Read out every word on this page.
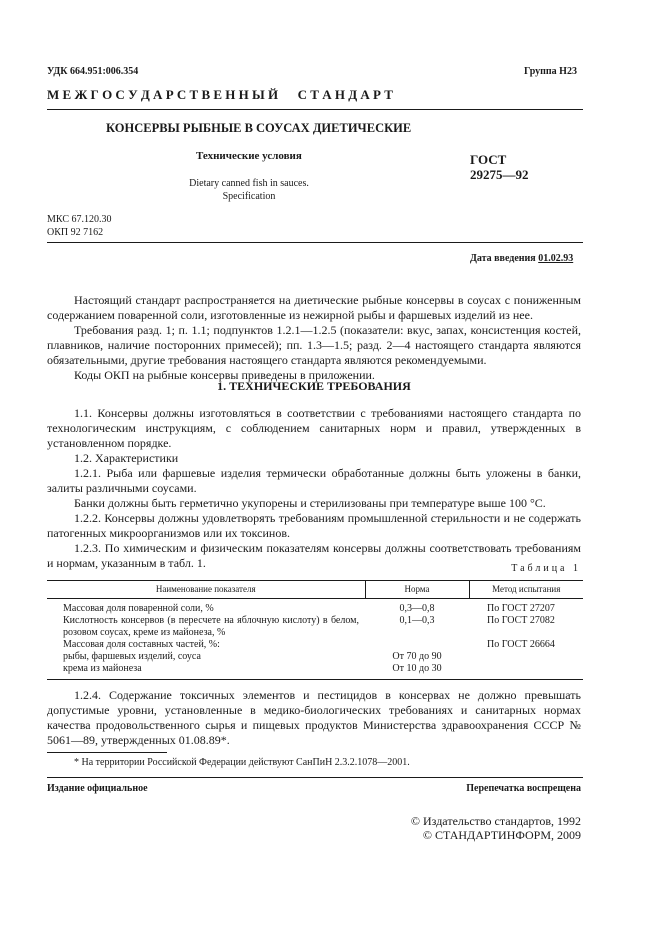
УДК 664.951:006.354	Группа Н23
М Е Ж Г О С У Д А Р С Т В Е Н Н Ы Й      С Т А Н Д А Р Т
КОНСЕРВЫ РЫБНЫЕ В СОУСАХ ДИЕТИЧЕСКИЕ
Технические условия
Dietary canned fish in sauces.
Specification
ГОСТ
29275—92
МКС 67.120.30
ОКП 92 7162
Дата введения 01.02.93

Настоящий стандарт распространяется на диетические рыбные консервы в соусах с пониженным содержанием поваренной соли, изготовленные из нежирной рыбы и фаршевых изделий из нее.

Требования разд. 1; п. 1.1; подпунктов 1.2.1—1.2.5 (показатели: вкус, запах, консистенция костей, плавников, наличие посторонних примесей); пп. 1.3—1.5; разд. 2—4 настоящего стандарта являются обязательными, другие требования настоящего стандарта являются рекомендуемыми.

Коды ОКП на рыбные консервы приведены в приложении.

1. ТЕХНИЧЕСКИЕ ТРЕБОВАНИЯ

1.1. Консервы должны изготовляться в соответствии с требованиями настоящего стандарта по технологическим инструкциям, с соблюдением санитарных норм и правил, утвержденных в установленном порядке.

1.2. Характеристики

1.2.1. Рыба или фаршевые изделия термически обработанные должны быть уложены в банки, залиты различными соусами.

Банки должны быть герметично укупорены и стерилизованы при температуре выше 100 °С.

1.2.2. Консервы должны удовлетворять требованиям промышленной стерильности и не содержать патогенных микроорганизмов или их токсинов.

1.2.3. По химическим и физическим показателям консервы должны соответствовать требованиям и нормам, указанным в табл. 1.	Таблица 1
Наименование показателя	Норма	Метод испытания
Массовая доля поваренной соли, %	0,3—0,8	По ГОСТ 27207
Кислотность консервов (в пересчете на яблочную кислоту) в белом, розовом соусах, креме из майонеза, %	0,1—0,3	По ГОСТ 27082
Массовая доля составных частей, %:		По ГОСТ 26664
рыбы, фаршевых изделий, соуса	От 70 до 90	
крема из майонеза	От 10 до 30	

1.2.4. Содержание токсичных элементов и пестицидов в консервах не должно превышать допустимые уровни, установленные в медико-биологических требованиях и санитарных нормах качества продовольственного сырья и пищевых продуктов Министерства здравоохранения СССР № 5061—89, утвержденных 01.08.89*.

* На территории Российской Федерации действуют СанПиН 2.3.2.1078—2001.
Издание официальное	Перепечатка воспрещена
© Издательство стандартов, 1992
© СТАНДАРТИНФОРМ, 2009
